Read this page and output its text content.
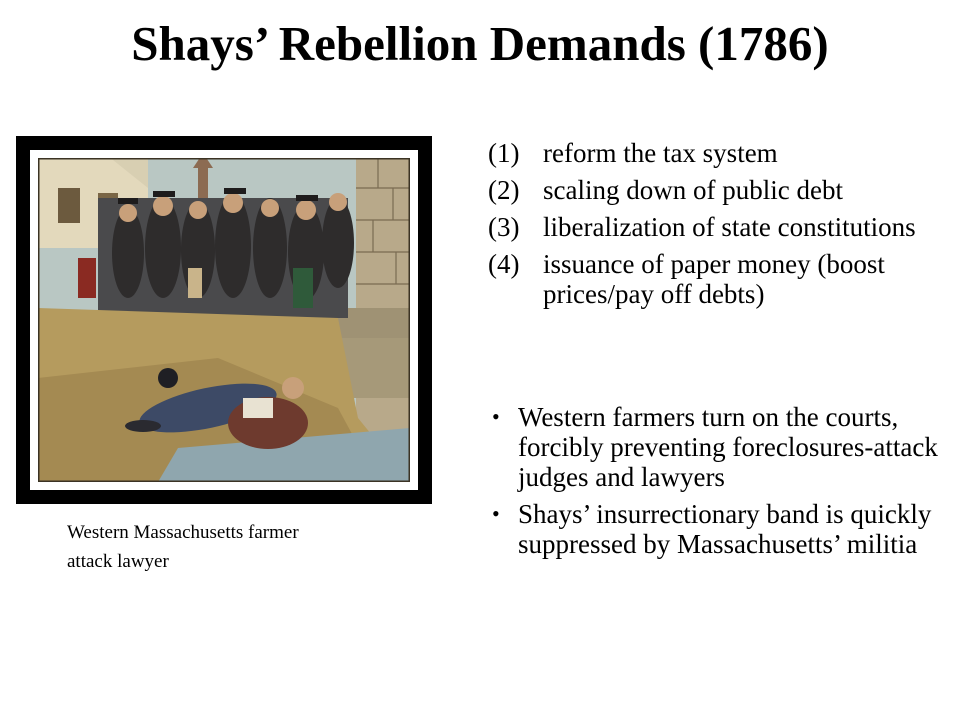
Shays’ Rebellion Demands (1786)
Western Massachusetts farmer
attack lawyer
(1) reform the tax system
(2) scaling down of public debt
(3) liberalization of state constitutions
(4) issuance of paper money (boost prices/pay off debts)
• Western farmers turn on the courts, forcibly preventing foreclosures-attack judges and lawyers
• Shays’ insurrectionary band is quickly suppressed by Massachusetts’ militia
